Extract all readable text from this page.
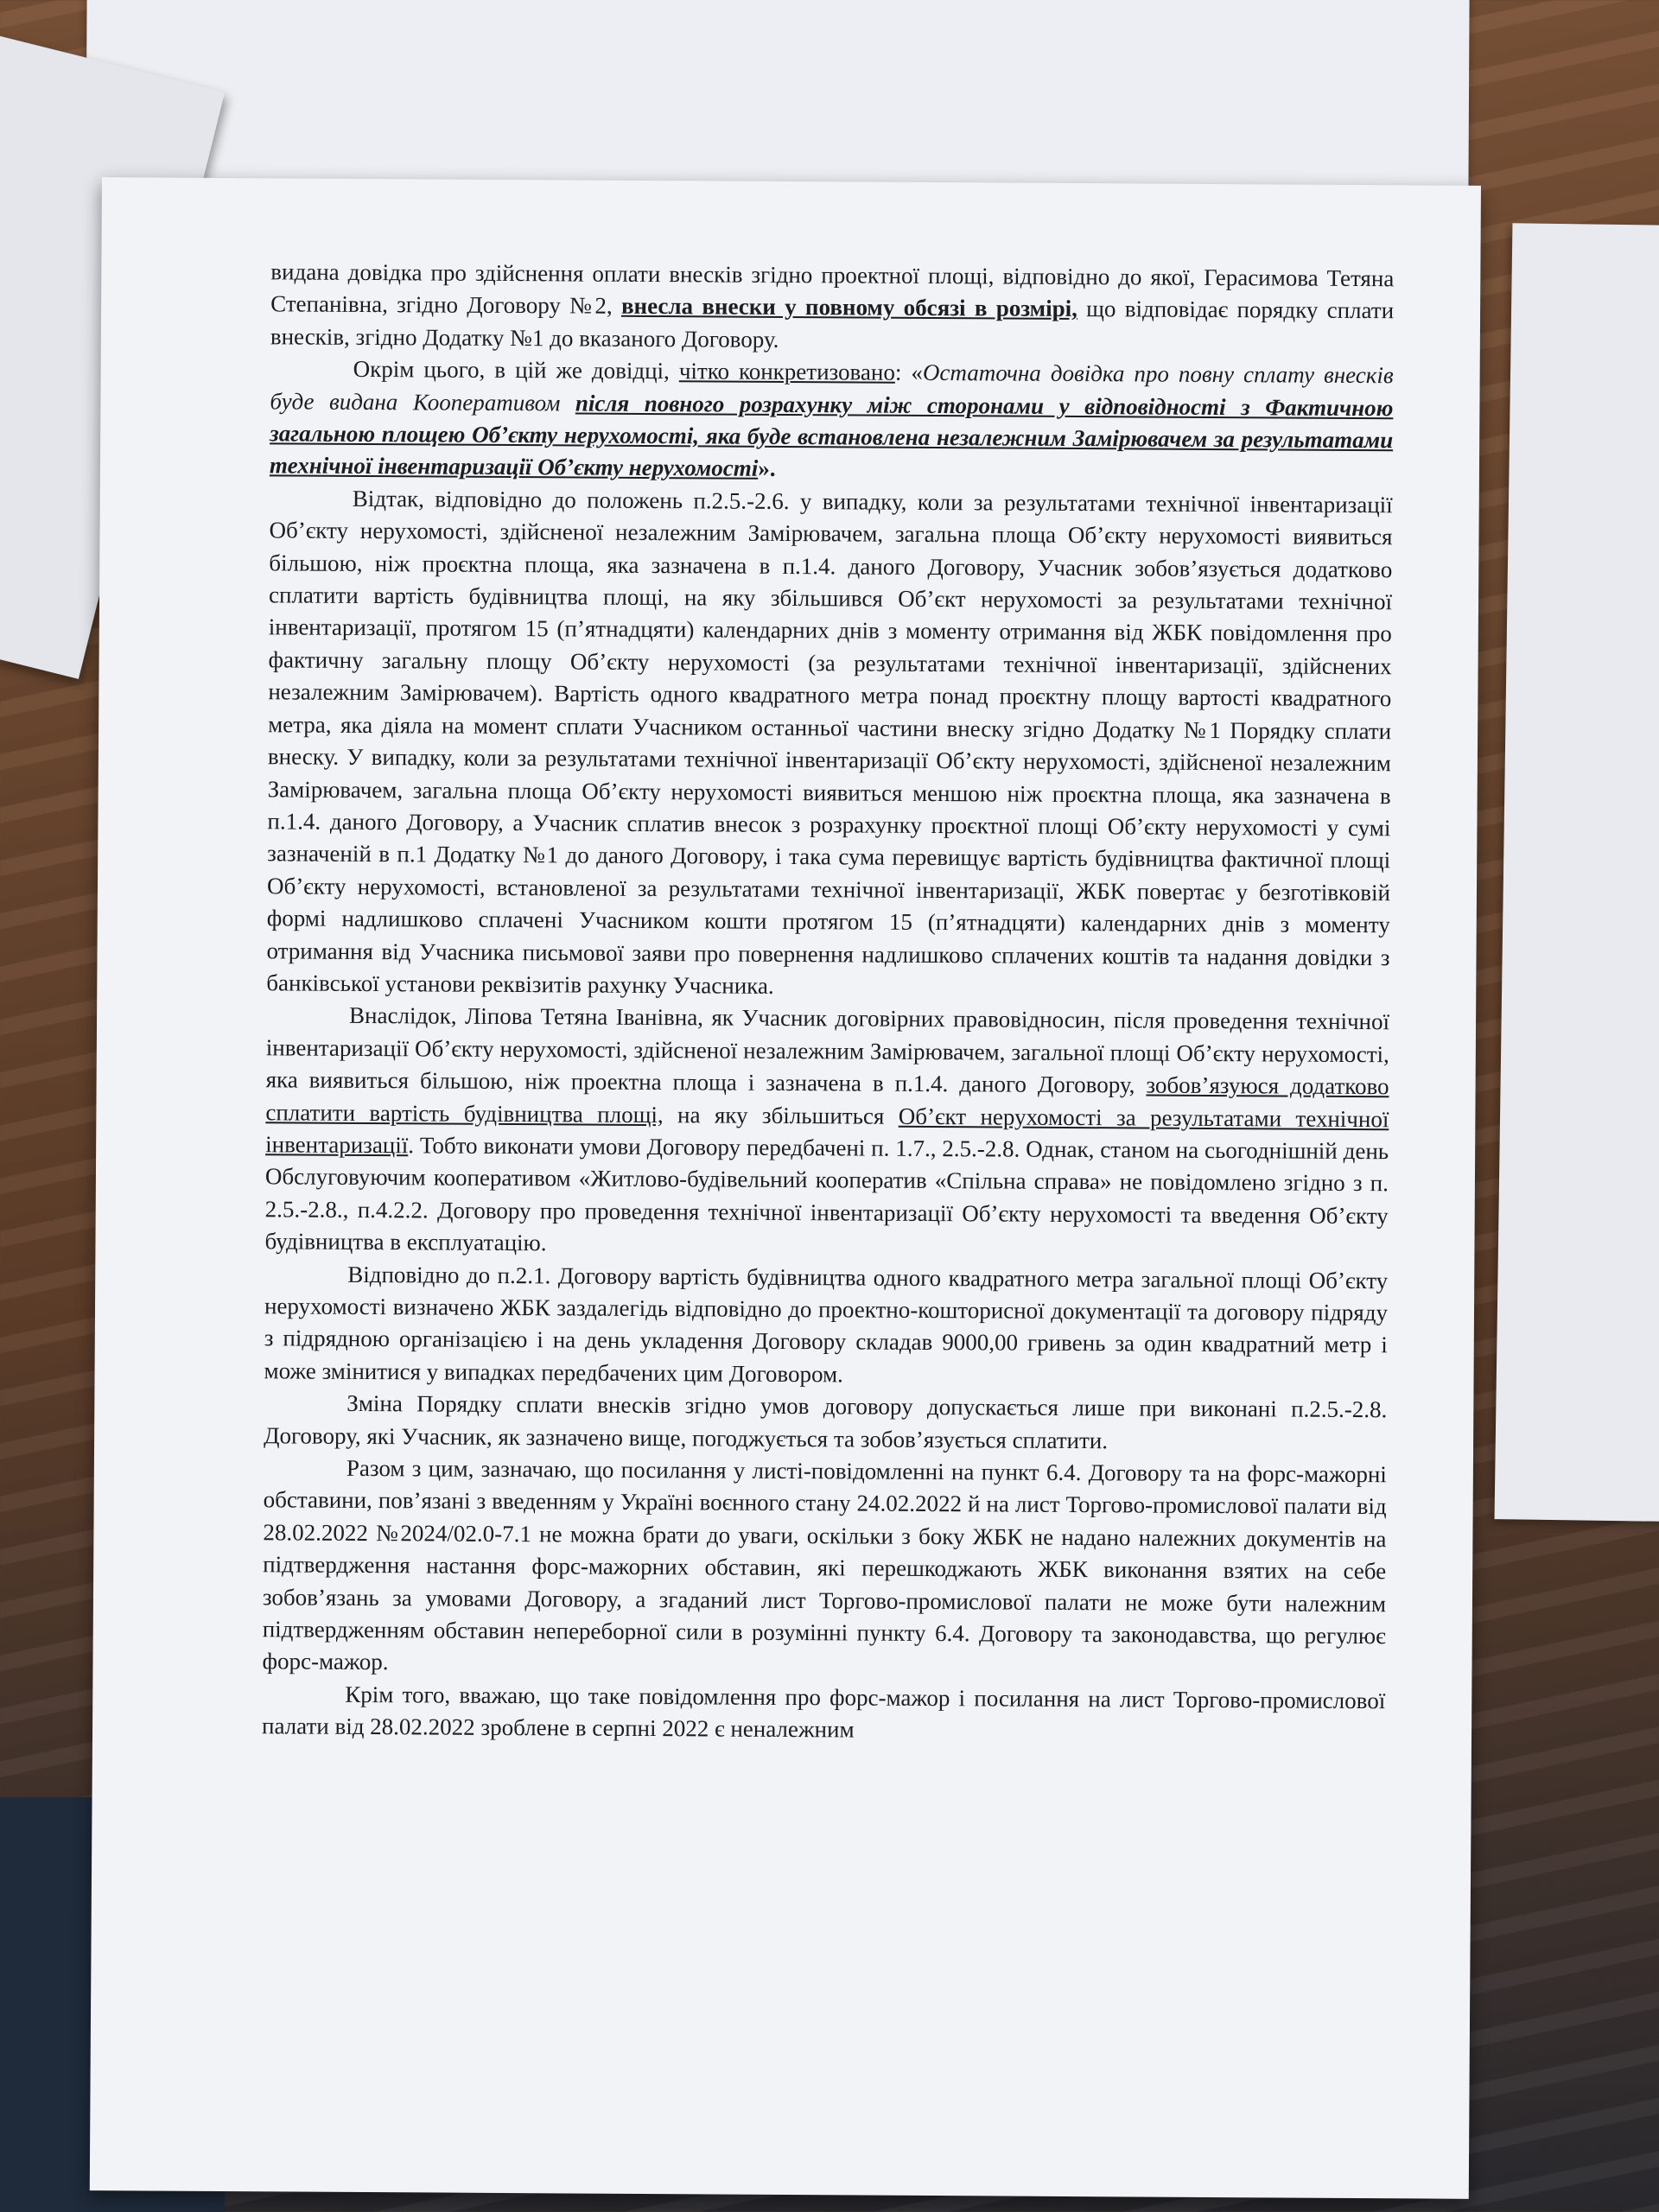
видана довідка про здійснення оплати внесків згідно проектної площі, відповідно до якої, Герасимова Тетяна Степанівна, згідно Договору №2, внесла внески у повному обсязі в розмірі, що відповідає порядку сплати внесків, згідно Додатку №1 до вказаного Договору.

Окрім цього, в цій же довідці, чітко конкретизовано: «Остаточна довідка про повну сплату внесків буде видана Кооперативом після повного розрахунку між сторонами у відповідності з Фактичною загальною площею Об’єкту нерухомості, яка буде встановлена незалежним Замірювачем за результатами технічної інвентаризації Об’єкту нерухомості».

Відтак, відповідно до положень п.2.5.-2.6. у випадку, коли за результатами технічної інвентаризації Об’єкту нерухомості, здійсненої незалежним Замірювачем, загальна площа Об’єкту нерухомості виявиться більшою, ніж проєктна площа, яка зазначена в п.1.4. даного Договору, Учасник зобов’язується додатково сплатити вартість будівництва площі, на яку збільшився Об’єкт нерухомості за результатами технічної інвентаризації, протягом 15 (п’ятнадцяти) календарних днів з моменту отримання від ЖБК повідомлення про фактичну загальну площу Об’єкту нерухомості (за результатами технічної інвентаризації, здійснених незалежним Замірювачем). Вартість одного квадратного метра понад проєктну площу вартості квадратного метра, яка діяла на момент сплати Учасником останньої частини внеску згідно Додатку №1 Порядку сплати внеску. У випадку, коли за результатами технічної інвентаризації Об’єкту нерухомості, здійсненої незалежним Замірювачем, загальна площа Об’єкту нерухомості виявиться меншою ніж проєктна площа, яка зазначена в п.1.4. даного Договору, а Учасник сплатив внесок з розрахунку проєктної площі Об’єкту нерухомості у сумі зазначеній в п.1 Додатку №1 до даного Договору, і така сума перевищує вартість будівництва фактичної площі Об’єкту нерухомості, встановленої за результатами технічної інвентаризації, ЖБК повертає у безготівковій формі надлишково сплачені Учасником кошти протягом 15 (п’ятнадцяти) календарних днів з моменту отримання від Учасника письмової заяви про повернення надлишково сплачених коштів та надання довідки з банківської установи реквізитів рахунку Учасника.

Внаслідок, Ліпова Тетяна Іванівна, як Учасник договірних правовідносин, після проведення технічної інвентаризації Об’єкту нерухомості, здійсненої незалежним Замірювачем, загальної площі Об’єкту нерухомості, яка виявиться більшою, ніж проектна площа і зазначена в п.1.4. даного Договору, зобов’язуюся додатково сплатити вартість будівництва площі, на яку збільшиться Об’єкт нерухомості за результатами технічної інвентаризації. Тобто виконати умови Договору передбачені п. 1.7., 2.5.-2.8. Однак, станом на сьогоднішній день Обслуговуючим кооперативом «Житлово-будівельний кооператив «Спільна справа» не повідомлено згідно з п. 2.5.-2.8., п.4.2.2. Договору про проведення технічної інвентаризації Об’єкту нерухомості та введення Об’єкту будівництва в експлуатацію.

Відповідно до п.2.1. Договору вартість будівництва одного квадратного метра загальної площі Об’єкту нерухомості визначено ЖБК заздалегідь відповідно до проектно-кошторисної документації та договору підряду з підрядною організацією і на день укладення Договору складав 9000,00 гривень за один квадратний метр і може змінитися у випадках передбачених цим Договором.

Зміна Порядку сплати внесків згідно умов договору допускається лише при виконані п.2.5.-2.8. Договору, які Учасник, як зазначено вище, погоджується та зобов’язується сплатити.

Разом з цим, зазначаю, що посилання у листі-повідомленні на пункт 6.4. Договору та на форс-мажорні обставини, пов’язані з введенням у Україні воєнного стану 24.02.2022 й на лист Торгово-промислової палати від 28.02.2022 №2024/02.0-7.1 не можна брати до уваги, оскільки з боку ЖБК не надано належних документів на підтвердження настання форс-мажорних обставин, які перешкоджають ЖБК виконання взятих на себе зобов’язань за умовами Договору, а згаданий лист Торгово-промислової палати не може бути належним підтвердженням обставин непереборної сили в розумінні пункту 6.4. Договору та законодавства, що регулює форс-мажор.

Крім того, вважаю, що таке повідомлення про форс-мажор і посилання на лист Торгово-промислової палати від 28.02.2022 зроблене в серпні 2022 є неналежним
